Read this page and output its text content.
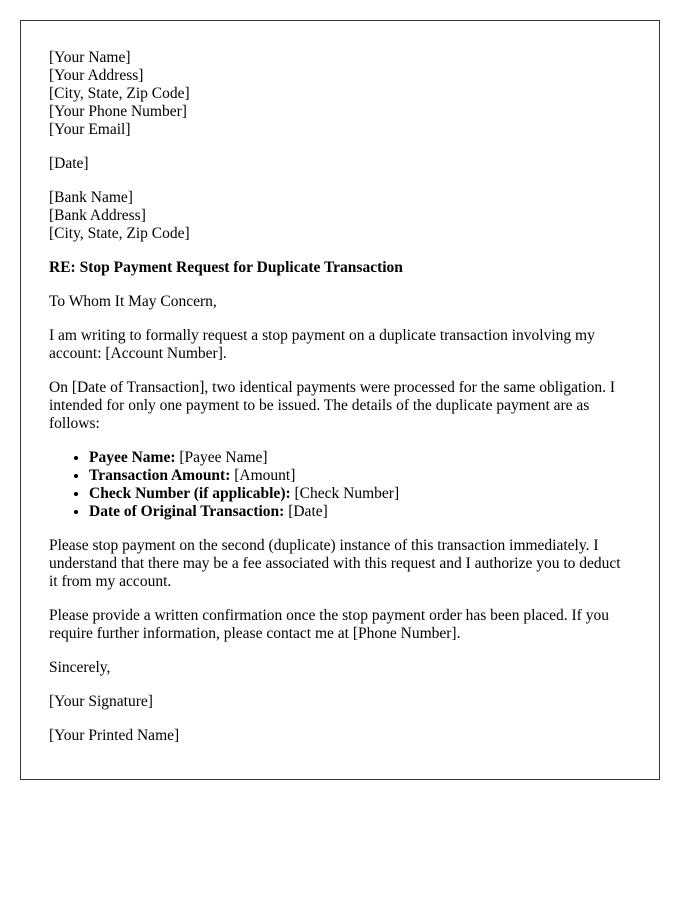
[Your Name]
[Your Address]
[City, State, Zip Code]
[Your Phone Number]
[Your Email]
[Date]
[Bank Name]
[Bank Address]
[City, State, Zip Code]
RE: Stop Payment Request for Duplicate Transaction

To Whom It May Concern,

I am writing to formally request a stop payment on a duplicate transaction involving my account: [Account Number].

On [Date of Transaction], two identical payments were processed for the same obligation. I intended for only one payment to be issued. The details of the duplicate payment are as follows:

• Payee Name: [Payee Name]
• Transaction Amount: [Amount]
• Check Number (if applicable): [Check Number]
• Date of Original Transaction: [Date]

Please stop payment on the second (duplicate) instance of this transaction immediately. I understand that there may be a fee associated with this request and I authorize you to deduct it from my account.

Please provide a written confirmation once the stop payment order has been placed. If you require further information, please contact me at [Phone Number].

Sincerely,

[Your Signature]

[Your Printed Name]
